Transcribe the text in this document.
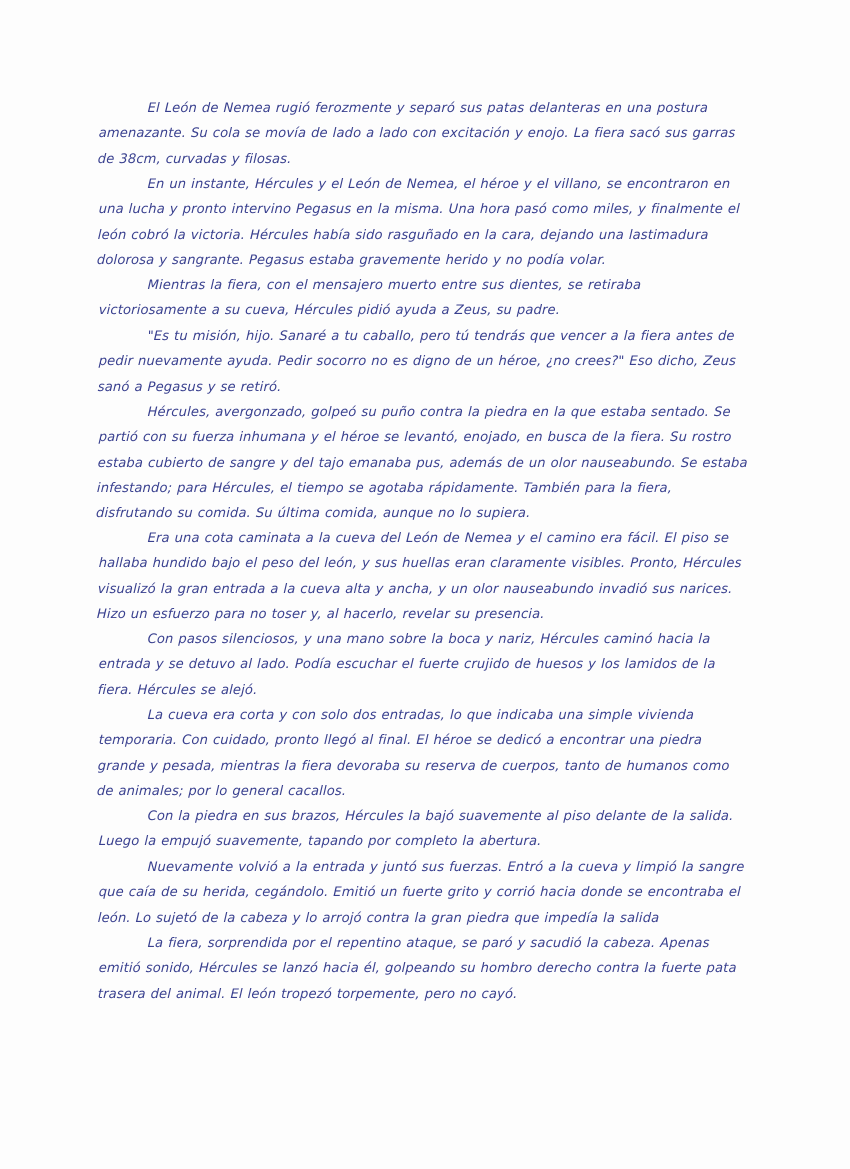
El León de Nemea rugió ferozmente y separó sus patas delanteras en una postura amenazante. Su cola se movía de lado a lado con excitación y enojo. La fiera sacó sus garras de 38cm, curvadas y filosas.

En un instante, Hércules y el León de Nemea, el héroe y el villano, se encontraron en una lucha y pronto intervino Pegasus en la misma. Una hora pasó como miles, y finalmente el león cobró la victoria. Hércules había sido rasguñado en la cara, dejando una lastimadura dolorosa y sangrante. Pegasus estaba gravemente herido y no podía volar.

Mientras la fiera, con el mensajero muerto entre sus dientes, se retiraba victoriosamente a su cueva, Hércules pidió ayuda a Zeus, su padre.

"Es tu misión, hijo. Sanaré a tu caballo, pero tú tendrás que vencer a la fiera antes de pedir nuevamente ayuda. Pedir socorro no es digno de un héroe, ¿no crees?" Eso dicho, Zeus sanó a Pegasus y se retiró.

Hércules, avergonzado, golpeó su puño contra la piedra en la que estaba sentado. Se partió con su fuerza inhumana y el héroe se levantó, enojado, en busca de la fiera. Su rostro estaba cubierto de sangre y del tajo emanaba pus, además de un olor nauseabundo. Se estaba infestando; para Hércules, el tiempo se agotaba rápidamente. También para la fiera, disfrutando su comida. Su última comida, aunque no lo supiera.

Era una cota caminata a la cueva del León de Nemea y el camino era fácil. El piso se hallaba hundido bajo el peso del león, y sus huellas eran claramente visibles. Pronto, Hércules visualizó la gran entrada a la cueva alta y ancha, y un olor nauseabundo invadió sus narices. Hizo un esfuerzo para no toser y, al hacerlo, revelar su presencia.

Con pasos silenciosos, y una mano sobre la boca y nariz, Hércules caminó hacia la entrada y se detuvo al lado. Podía escuchar el fuerte crujido de huesos y los lamidos de la fiera. Hércules se alejó.

La cueva era corta y con solo dos entradas, lo que indicaba una simple vivienda temporaria. Con cuidado, pronto llegó al final. El héroe se dedicó a encontrar una piedra grande y pesada, mientras la fiera devoraba su reserva de cuerpos, tanto de humanos como de animales; por lo general cacallos.

Con la piedra en sus brazos, Hércules la bajó suavemente al piso delante de la salida. Luego la empujó suavemente, tapando por completo la abertura.

Nuevamente volvió a la entrada y juntó sus fuerzas. Entró a la cueva y limpió la sangre que caía de su herida, cegándolo. Emitió un fuerte grito y corrió hacia donde se encontraba el león. Lo sujetó de la cabeza y lo arrojó contra la gran piedra que impedía la salida

La fiera, sorprendida por el repentino ataque, se paró y sacudió la cabeza. Apenas emitió sonido, Hércules se lanzó hacia él, golpeando su hombro derecho contra la fuerte pata trasera del animal. El león tropezó torpemente, pero no cayó.
